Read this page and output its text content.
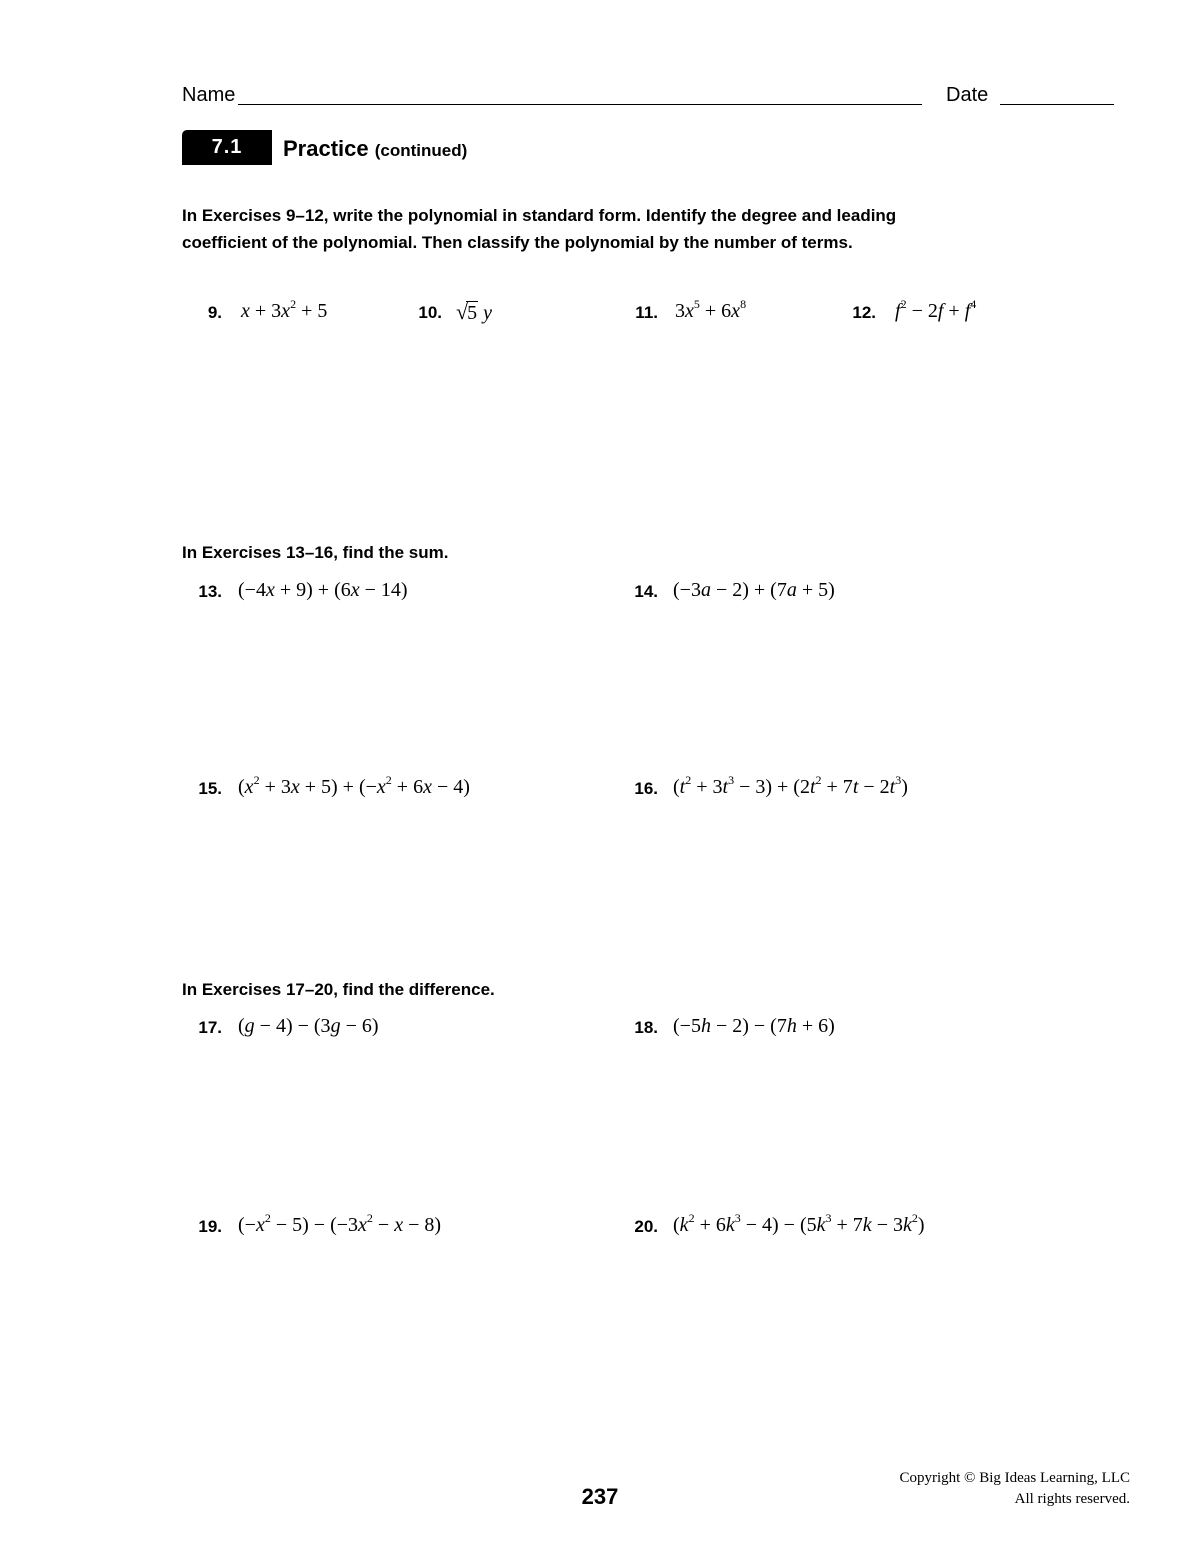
Name	Date
7.1	Practice (continued)
In Exercises 9–12, write the polynomial in standard form. Identify the degree and leading coefficient of the polynomial. Then classify the polynomial by the number of terms.
9. $x + 3x^2 + 5$	10. √5 y	11. $3x^5 + 6x^8$	12. $f^2 - 2f + f^4$
In Exercises 13–16, find the sum.
13. (−4x + 9) + (6x − 14)	14. (−3a − 2) + (7a + 5)
15. $(x^2 + 3x + 5) + (-x^2 + 6x - 4)$	16. $(t^2 + 3t^3 - 3) + (2t^2 + 7t - 2t^3)$
In Exercises 17–20, find the difference.
17. (g − 4) − (3g − 6)	18. (−5h − 2) − (7h + 6)
19. $(-x^2 - 5) - (-3x^2 - x - 8)$	20. $(k^2 + 6k^3 - 4) - (5k^3 + 7k - 3k^2)$
237
Copyright © Big Ideas Learning, LLC
All rights reserved.
